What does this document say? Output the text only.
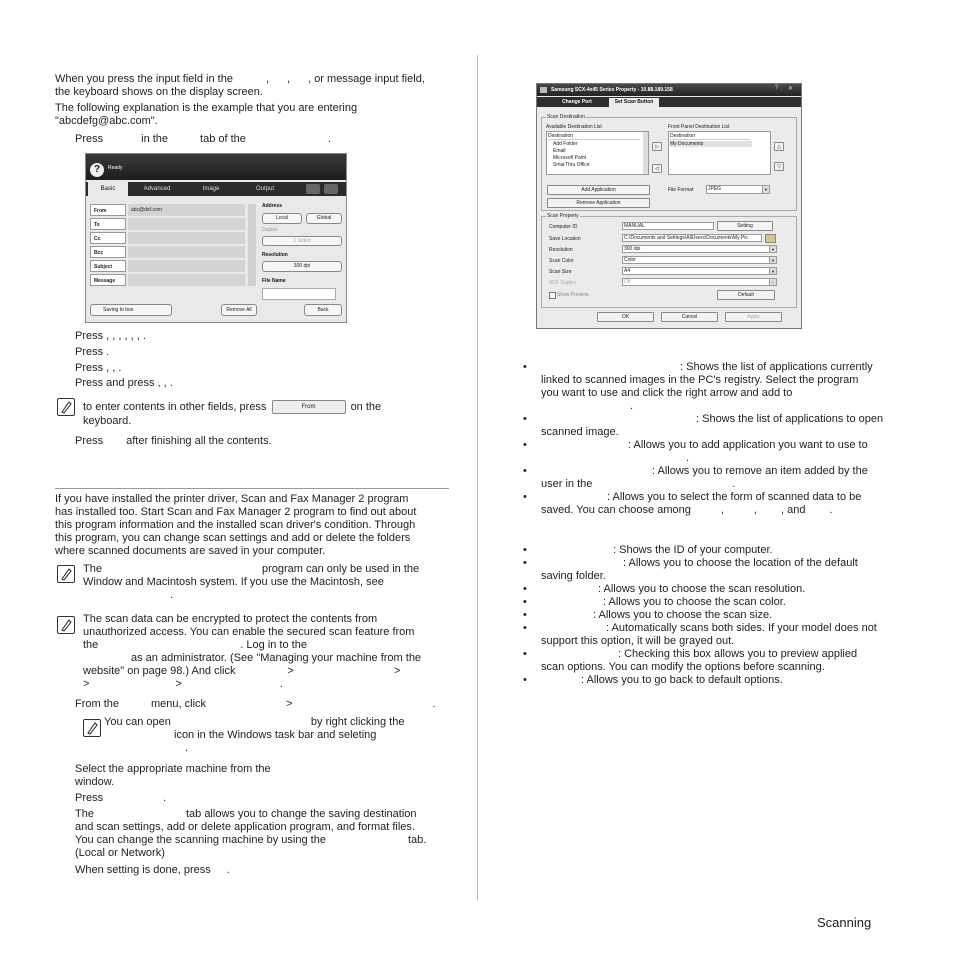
When you press the input field in the	, , , or message input field,
the keyboard shows on the display screen.
The following explanation is the example that you are entering
"abcdefg@abc.com".
Press	in the	tab of the	.
?	Ready
Basic	Advanced	Image	Output
From	abc@def.com
To
Cc
Bcc
Subject
Message
Address
Local	Global
Duplex
1 Sided
Resolution
300 dpi
File Name
Saving to box	Remove All	Back
Press , , , , , , .
Press .
Press , , .
Press and press , , .
to enter contents in other fields, press	From	on the
keyboard.
Press after finishing all the contents.
If you have installed the printer driver, Scan and Fax Manager 2 program
has installed too. Start Scan and Fax Manager 2 program to find out about
this program information and the installed scan driver's condition. Through
this program, you can change scan settings and add or delete the folders
where scanned documents are saved in your computer.
The	program can only be used in the
Window and Macintosh system. If you use the Macintosh, see
.
The scan data can be encrypted to protect the contents from
unauthorized access. You can enable the secured scan feature from
the	. Log in to the
as an administrator. (See "Managing your machine from the
website" on page 98.) And click	>	>
>	>	.
From the	menu, click	>	.
You can open	by right clicking the
icon in the Windows task bar and seleting
.
Select the appropriate machine from the
window.
Press	.
The	tab allows you to change the saving destination
and scan settings, add or delete application program, and format files.
You can change the scanning machine by using the	tab.
(Local or Network)
When setting is done, press .
Samsung SCX-4x45 Series Property - 10.88.189.158	? ✕
Change Port	Set Scan Button
Scan Destination
Available Destination List	Front Panel Destination List
Destination
Add Folder
Email
Microsoft Paint
SmarThru Office
▷
◁
Destination
My Documents	△
▽
Add Application
Remove Application
File Format	JPEG	▼
Scan Property
Computer ID	MANUAL	Setting
Save Location	C:\Documents and Settings\AllUsers\Documents\My Pic
Resolution	300 dpi	▼
Scan Color	Color	▼
Scan Size	A4	▼
ADF Duplex	Off	▼
Show Preview	Default
OK	Cancel	Apply
•	: Shows the list of applications currently
linked to scanned images in the PC's registry. Select the program
you want to use and click the right arrow and add to
.
•	: Shows the list of applications to open
scanned image.
•	: Allows you to add application you want to use to
.
•	: Allows you to remove an item added by the
user in the	.
•	: Allows you to select the form of scanned data to be
saved. You can choose among	,	, , and .
•	: Shows the ID of your computer.
•	: Allows you to choose the location of the default
saving folder.
•	: Allows you to choose the scan resolution.
•	: Allows you to choose the scan color.
•	: Allows you to choose the scan size.
•	: Automatically scans both sides. If your model does not
support this option, it will be grayed out.
•	: Checking this box allows you to preview applied
scan options. You can modify the options before scanning.
•	: Allows you to go back to default options.
Scanning
